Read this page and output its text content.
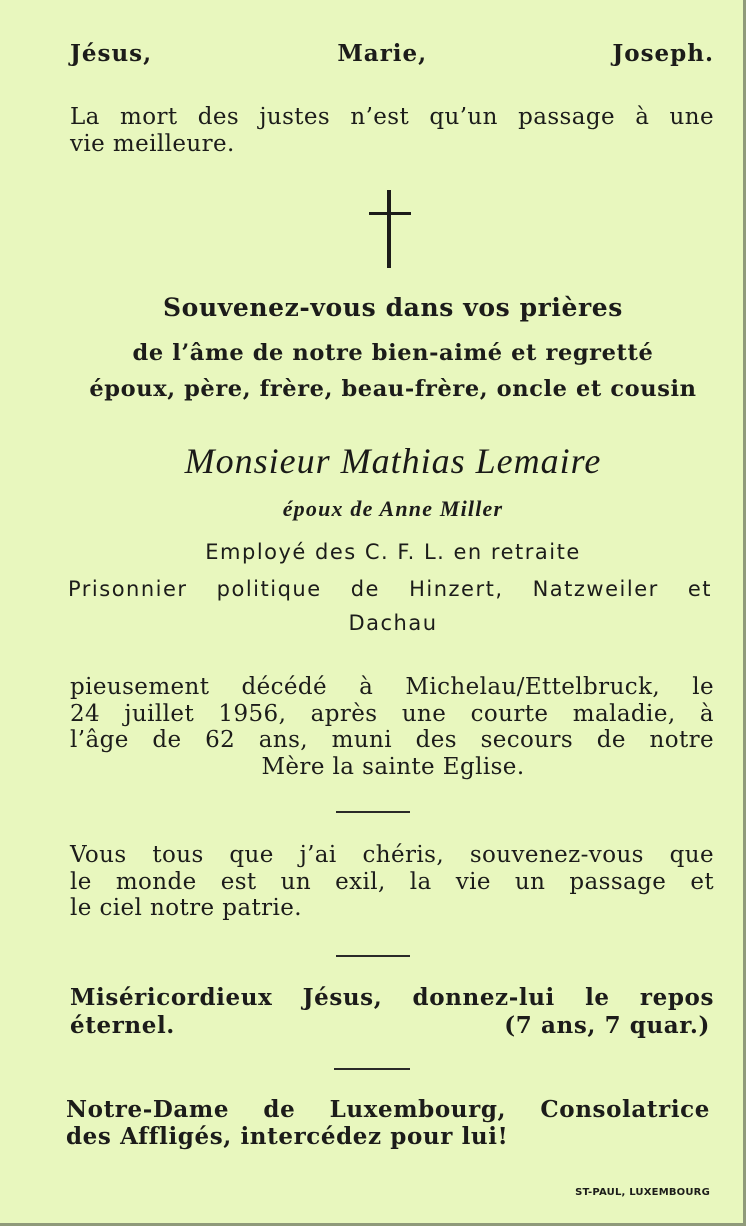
Jésus,	Marie,	Joseph.
La mort des justes n’est qu’un passage à une
vie meilleure.
Souvenez-vous dans vos prières
de l’âme de notre bien-aimé et regretté
époux, père, frère, beau-frère, oncle et cousin
Monsieur Mathias Lemaire
époux de Anne Miller
Employé des C. F. L. en retraite
Prisonnier politique de Hinzert, Natzweiler et
Dachau
pieusement décédé à Michelau/Ettelbruck, le
24 juillet 1956, après une courte maladie, à
l’âge de 62 ans, muni des secours de notre
Mère la sainte Eglise.
Vous tous que j’ai chéris, souvenez-vous que
le monde est un exil, la vie un passage et
le ciel notre patrie.
Miséricordieux Jésus, donnez-lui le repos
éternel.	(7 ans, 7 quar.)
Notre-Dame de Luxembourg, Consolatrice
des Affligés, intercédez pour lui!
ST-PAUL, LUXEMBOURG
